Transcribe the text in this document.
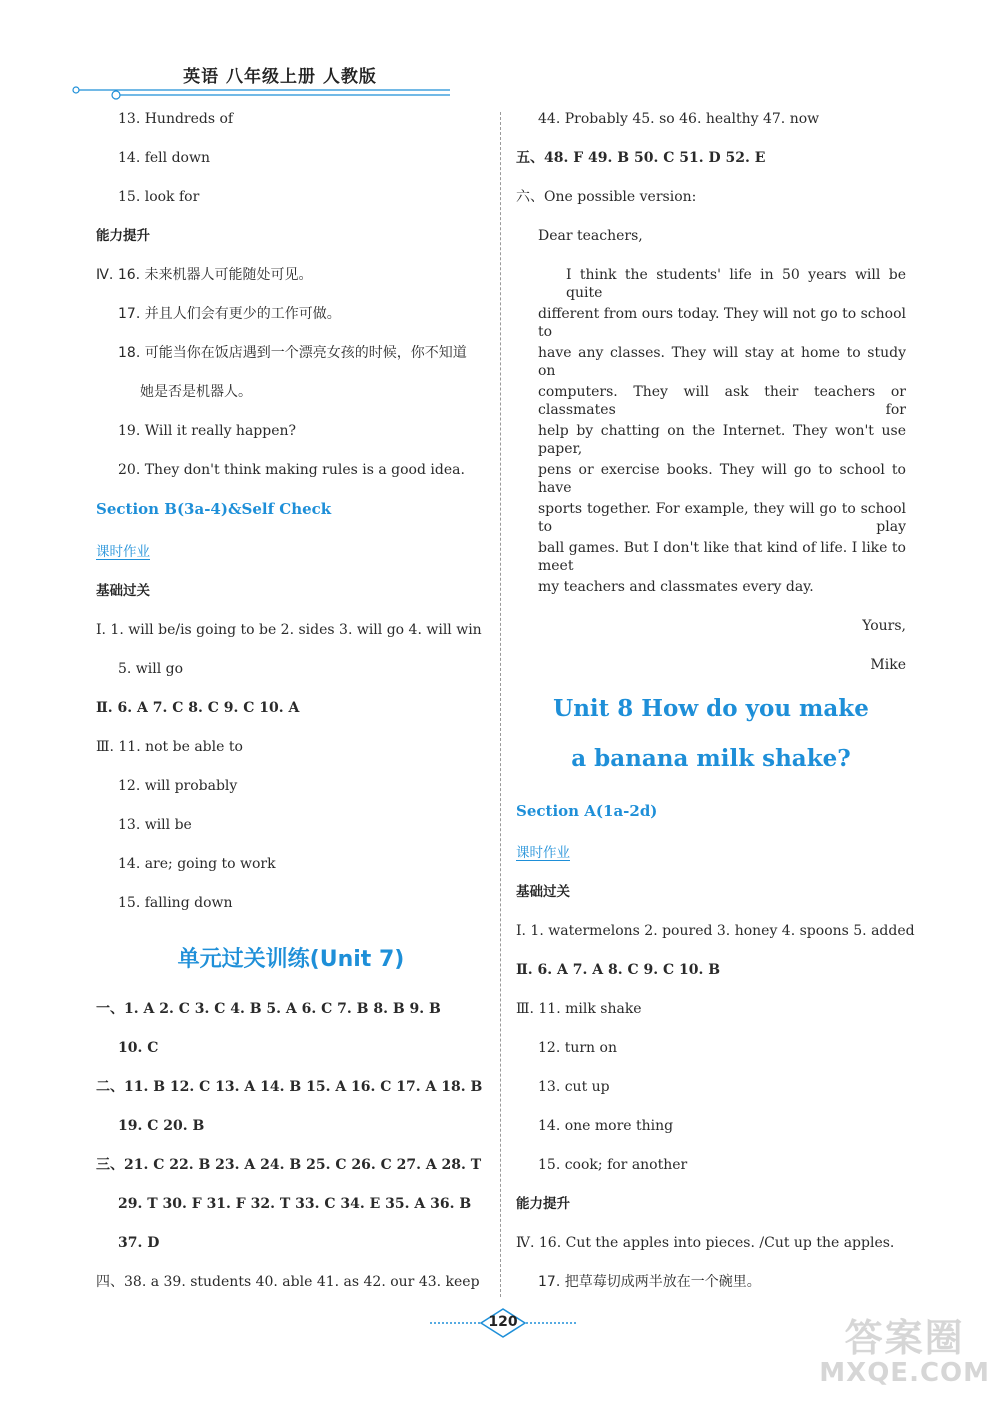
英语 八年级上册 人教版
13. Hundreds of
14. fell down
15. look for
能力提升
Ⅳ. 16. 未来机器人可能随处可见。
17. 并且人们会有更少的工作可做。
18. 可能当你在饭店遇到一个漂亮女孩的时候，你不知道
她是否是机器人。
19. Will it really happen?
20. They don't think making rules is a good idea.
Section B(3a-4)&Self Check
课时作业
基础过关
Ⅰ. 1. will be/is going to be 2. sides 3. will go 4. will win
5. will go
Ⅱ. 6. A 7. C 8. C 9. C 10. A
Ⅲ. 11. not be able to
12. will probably
13. will be
14. are; going to work
15. falling down
单元过关训练(Unit 7)
一、1. A 2. C 3. C 4. B 5. A 6. C 7. B 8. B 9. B
10. C
二、11. B 12. C 13. A 14. B 15. A 16. C 17. A 18. B
19. C 20. B
三、21. C 22. B 23. A 24. B 25. C 26. C 27. A 28. T
29. T 30. F 31. F 32. T 33. C 34. E 35. A 36. B
37. D
四、38. a 39. students 40. able 41. as 42. our 43. keep
44. Probably 45. so 46. healthy 47. now
五、48. F 49. B 50. C 51. D 52. E
六、One possible version:
Dear teachers,
I think the students' life in 50 years will be quite
different from ours today. They will not go to school to
have any classes. They will stay at home to study on
computers. They will ask their teachers or classmates for
help by chatting on the Internet. They won't use paper,
pens or exercise books. They will go to school to have
sports together. For example, they will go to school to play
ball games. But I don't like that kind of life. I like to meet
my teachers and classmates every day.
Yours,
Mike
Unit 8 How do you make
a banana milk shake?
Section A(1a-2d)
课时作业
基础过关
Ⅰ. 1. watermelons 2. poured 3. honey 4. spoons 5. added
Ⅱ. 6. A 7. A 8. C 9. C 10. B
Ⅲ. 11. milk shake
12. turn on
13. cut up
14. one more thing
15. cook; for another
能力提升
Ⅳ. 16. Cut the apples into pieces. /Cut up the apples.
17. 把草莓切成两半放在一个碗里。
120	答案圈
MXQE.COM
